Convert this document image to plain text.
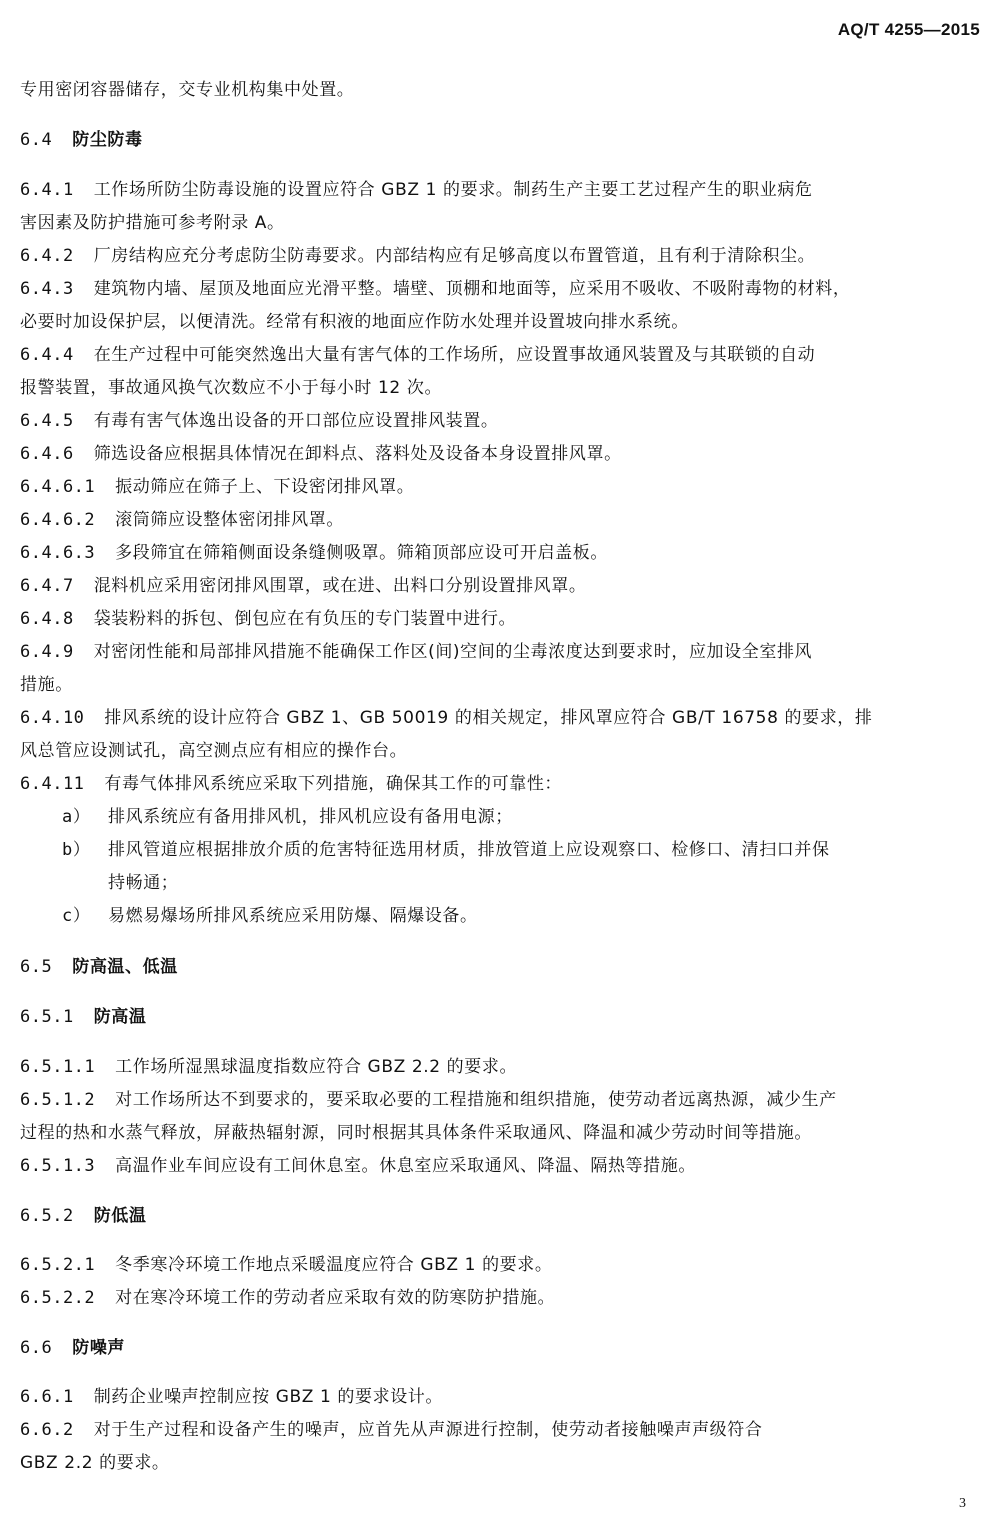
AQ/T 4255—2015
专用密闭容器储存，交专业机构集中处置。
6.4 防尘防毒
6.4.1 工作场所防尘防毒设施的设置应符合 GBZ 1 的要求。制药生产主要工艺过程产生的职业病危
害因素及防护措施可参考附录 A。
6.4.2 厂房结构应充分考虑防尘防毒要求。内部结构应有足够高度以布置管道，且有利于清除积尘。
6.4.3 建筑物内墙、屋顶及地面应光滑平整。墙壁、顶棚和地面等，应采用不吸收、不吸附毒物的材料，
必要时加设保护层，以便清洗。经常有积液的地面应作防水处理并设置坡向排水系统。
6.4.4 在生产过程中可能突然逸出大量有害气体的工作场所，应设置事故通风装置及与其联锁的自动
报警装置，事故通风换气次数应不小于每小时 12 次。
6.4.5 有毒有害气体逸出设备的开口部位应设置排风装置。
6.4.6 筛选设备应根据具体情况在卸料点、落料处及设备本身设置排风罩。
6.4.6.1 振动筛应在筛子上、下设密闭排风罩。
6.4.6.2 滚筒筛应设整体密闭排风罩。
6.4.6.3 多段筛宜在筛箱侧面设条缝侧吸罩。筛箱顶部应设可开启盖板。
6.4.7 混料机应采用密闭排风围罩，或在进、出料口分别设置排风罩。
6.4.8 袋装粉料的拆包、倒包应在有负压的专门装置中进行。
6.4.9 对密闭性能和局部排风措施不能确保工作区(间)空间的尘毒浓度达到要求时，应加设全室排风
措施。
6.4.10 排风系统的设计应符合 GBZ 1、GB 50019 的相关规定，排风罩应符合 GB/T 16758 的要求，排
风总管应设测试孔，高空测点应有相应的操作台。
6.4.11 有毒气体排风系统应采取下列措施，确保其工作的可靠性：
a） 排风系统应有备用排风机，排风机应设有备用电源；
b） 排风管道应根据排放介质的危害特征选用材质，排放管道上应设观察口、检修口、清扫口并保
持畅通；
c） 易燃易爆场所排风系统应采用防爆、隔爆设备。
6.5 防高温、低温
6.5.1 防高温
6.5.1.1 工作场所湿黑球温度指数应符合 GBZ 2.2 的要求。
6.5.1.2 对工作场所达不到要求的，要采取必要的工程措施和组织措施，使劳动者远离热源，减少生产
过程的热和水蒸气释放，屏蔽热辐射源，同时根据其具体条件采取通风、降温和减少劳动时间等措施。
6.5.1.3 高温作业车间应设有工间休息室。休息室应采取通风、降温、隔热等措施。
6.5.2 防低温
6.5.2.1 冬季寒冷环境工作地点采暖温度应符合 GBZ 1 的要求。
6.5.2.2 对在寒冷环境工作的劳动者应采取有效的防寒防护措施。
6.6 防噪声
6.6.1 制药企业噪声控制应按 GBZ 1 的要求设计。
6.6.2 对于生产过程和设备产生的噪声，应首先从声源进行控制，使劳动者接触噪声声级符合
GBZ 2.2 的要求。
3
